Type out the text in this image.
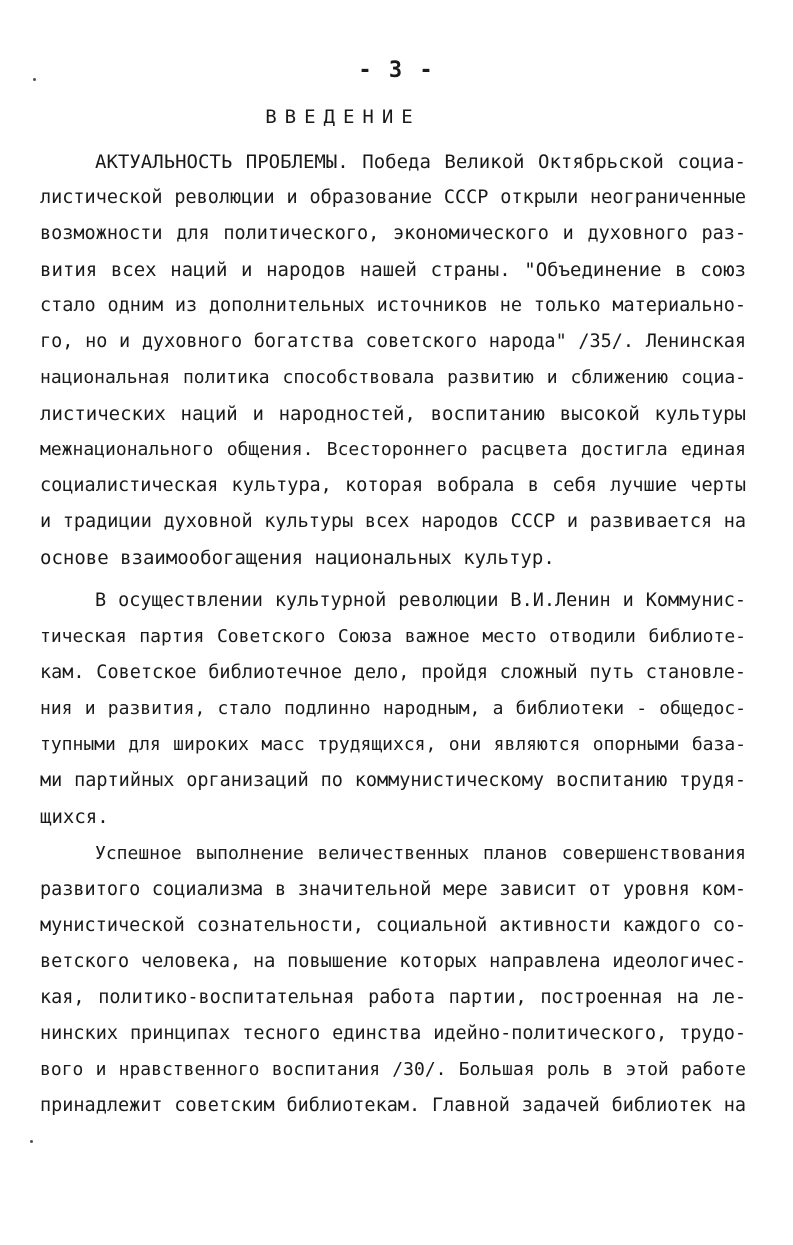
- 3 -
ВВЕДЕНИЕ
АКТУАЛЬНОСТЬ ПРОБЛЕМЫ. Победа Великой Октябрьской социа-
листической революции и образование СССР открыли неограниченные
возможности для политического, экономического и духовного раз-
вития всех наций и народов нашей страны. "Объединение в союз
стало одним из дополнительных источников не только материально-
го, но и духовного богатства советского народа" /35/. Ленинская
национальная политика способствовала развитию и сближению социа-
листических наций и народностей, воспитанию высокой культуры
межнационального общения. Всестороннего расцвета достигла единая
социалистическая культура, которая вобрала в себя лучшие черты
и традиции духовной культуры всех народов СССР и развивается на
основе взаимообогащения национальных культур.
В осуществлении культурной революции В.И.Ленин и Коммунис-
тическая партия Советского Союза важное место отводили библиоте-
кам. Советское библиотечное дело, пройдя сложный путь становле-
ния и развития, стало подлинно народным, а библиотеки - общедос-
тупными для широких масс трудящихся, они являются опорными база-
ми партийных организаций по коммунистическому воспитанию трудя-
щихся.
Успешное выполнение величественных планов совершенствования
развитого социализма в значительной мере зависит от уровня ком-
мунистической сознательности, социальной активности каждого со-
ветского человека, на повышение которых направлена идеологичес-
кая, политико-воспитательная работа партии, построенная на ле-
нинских принципах тесного единства идейно-политического, трудо-
вого и нравственного воспитания /30/. Большая роль в этой работе
принадлежит советским библиотекам. Главной задачей библиотек на
